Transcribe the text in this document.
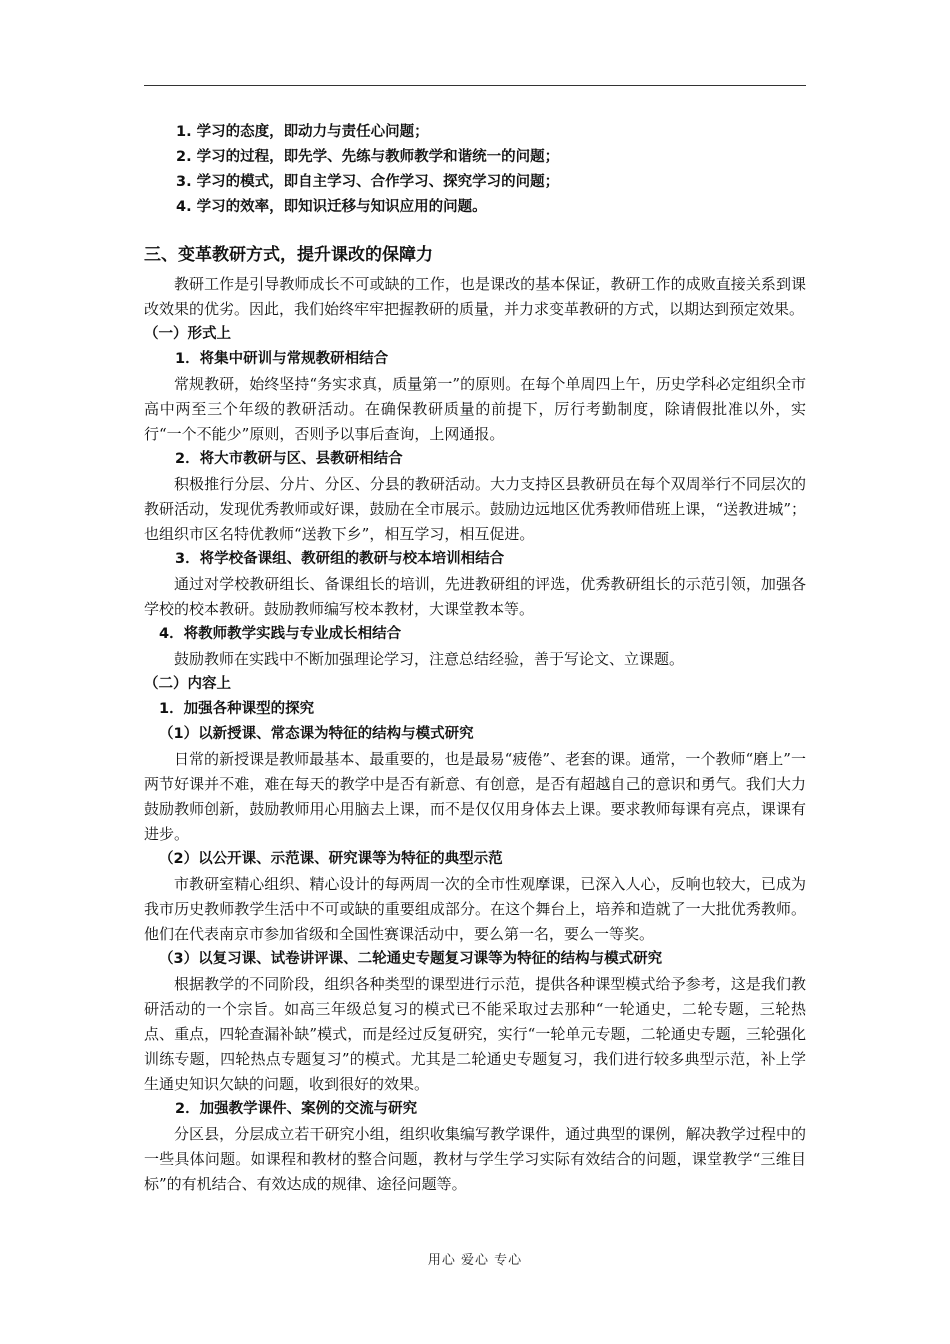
1. 学习的态度，即动力与责任心问题；
2. 学习的过程，即先学、先练与教师教学和谐统一的问题；
3. 学习的模式，即自主学习、合作学习、探究学习的问题；
4. 学习的效率，即知识迁移与知识应用的问题。
三、变革教研方式，提升课改的保障力
教研工作是引导教师成长不可或缺的工作，也是课改的基本保证，教研工作的成败直接关系到课改效果的优劣。因此，我们始终牢牢把握教研的质量，并力求变革教研的方式，以期达到预定效果。
（一）形式上
1．将集中研训与常规教研相结合
常规教研，始终坚持“务实求真，质量第一”的原则。在每个单周四上午，历史学科必定组织全市高中两至三个年级的教研活动。在确保教研质量的前提下，厉行考勤制度，除请假批准以外，实行“一个不能少”原则，否则予以事后查询，上网通报。
2．将大市教研与区、县教研相结合
积极推行分层、分片、分区、分县的教研活动。大力支持区县教研员在每个双周举行不同层次的教研活动，发现优秀教师或好课，鼓励在全市展示。鼓励边远地区优秀教师借班上课，“送教进城”；也组织市区名特优教师“送教下乡”，相互学习，相互促进。
3．将学校备课组、教研组的教研与校本培训相结合
通过对学校教研组长、备课组长的培训，先进教研组的评选，优秀教研组长的示范引领，加强各学校的校本教研。鼓励教师编写校本教材，大课堂教本等。
4．将教师教学实践与专业成长相结合
鼓励教师在实践中不断加强理论学习，注意总结经验，善于写论文、立课题。
（二）内容上
1．加强各种课型的探究
（1）以新授课、常态课为特征的结构与模式研究
日常的新授课是教师最基本、最重要的，也是最易“疲倦”、老套的课。通常，一个教师“磨上”一两节好课并不难，难在每天的教学中是否有新意、有创意，是否有超越自己的意识和勇气。我们大力鼓励教师创新，鼓励教师用心用脑去上课，而不是仅仅用身体去上课。要求教师每课有亮点，课课有进步。
（2）以公开课、示范课、研究课等为特征的典型示范
市教研室精心组织、精心设计的每两周一次的全市性观摩课，已深入人心，反响也较大，已成为我市历史教师教学生活中不可或缺的重要组成部分。在这个舞台上，培养和造就了一大批优秀教师。他们在代表南京市参加省级和全国性赛课活动中，要么第一名，要么一等奖。
（3）以复习课、试卷讲评课、二轮通史专题复习课等为特征的结构与模式研究
根据教学的不同阶段，组织各种类型的课型进行示范，提供各种课型模式给予参考，这是我们教研活动的一个宗旨。如高三年级总复习的模式已不能采取过去那种“一轮通史，二轮专题，三轮热点、重点，四轮查漏补缺”模式，而是经过反复研究，实行“一轮单元专题，二轮通史专题，三轮强化训练专题，四轮热点专题复习”的模式。尤其是二轮通史专题复习，我们进行较多典型示范，补上学生通史知识欠缺的问题，收到很好的效果。
2．加强教学课件、案例的交流与研究
分区县，分层成立若干研究小组，组织收集编写教学课件，通过典型的课例，解决教学过程中的一些具体问题。如课程和教材的整合问题，教材与学生学习实际有效结合的问题，课堂教学“三维目标”的有机结合、有效达成的规律、途径问题等。
用心 爱心 专心
